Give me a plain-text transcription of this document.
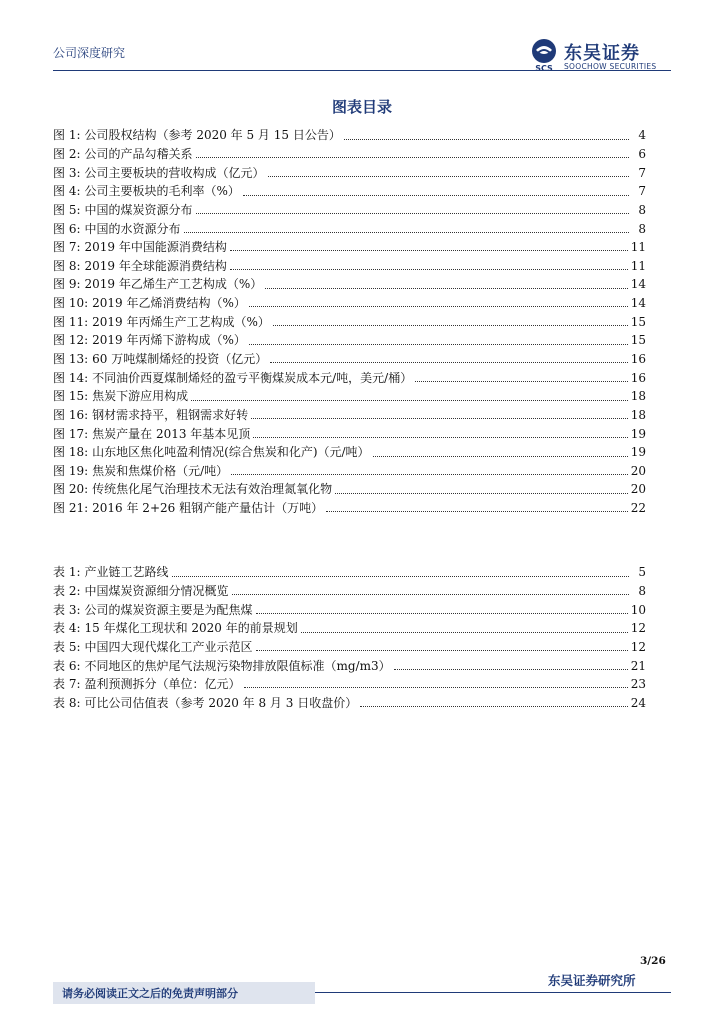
公司深度研究
SCS
东吴证券
SOOCHOW SECURITIES
图表目录
图 1: 公司股权结构（参考 2020 年 5 月 15 日公告）	4
图 2: 公司的产品勾稽关系	6
图 3: 公司主要板块的营收构成（亿元）	7
图 4: 公司主要板块的毛利率（%）	7
图 5: 中国的煤炭资源分布	8
图 6: 中国的水资源分布	8
图 7: 2019 年中国能源消费结构	11
图 8: 2019 年全球能源消费结构	11
图 9: 2019 年乙烯生产工艺构成（%）	14
图 10: 2019 年乙烯消费结构（%）	14
图 11: 2019 年丙烯生产工艺构成（%）	15
图 12: 2019 年丙烯下游构成（%）	15
图 13: 60 万吨煤制烯烃的投资（亿元）	16
图 14: 不同油价西夏煤制烯烃的盈亏平衡煤炭成本元/吨，美元/桶）	16
图 15: 焦炭下游应用构成	18
图 16: 钢材需求持平，粗钢需求好转	18
图 17: 焦炭产量在 2013 年基本见顶	19
图 18: 山东地区焦化吨盈利情况(综合焦炭和化产)（元/吨）	19
图 19: 焦炭和焦煤价格（元/吨）	20
图 20: 传统焦化尾气治理技术无法有效治理氮氧化物	20
图 21: 2016 年 2+26 粗钢产能产量估计（万吨）	22
表 1: 产业链工艺路线	5
表 2: 中国煤炭资源细分情况概览	8
表 3: 公司的煤炭资源主要是为配焦煤	10
表 4: 15 年煤化工现状和 2020 年的前景规划	12
表 5: 中国四大现代煤化工产业示范区	12
表 6: 不同地区的焦炉尾气法规污染物排放限值标准（mg/m3）	21
表 7: 盈利预测拆分（单位：亿元）	23
表 8: 可比公司估值表（参考 2020 年 8 月 3 日收盘价）	24
3/26
请务必阅读正文之后的免责声明部分
东吴证券研究所
